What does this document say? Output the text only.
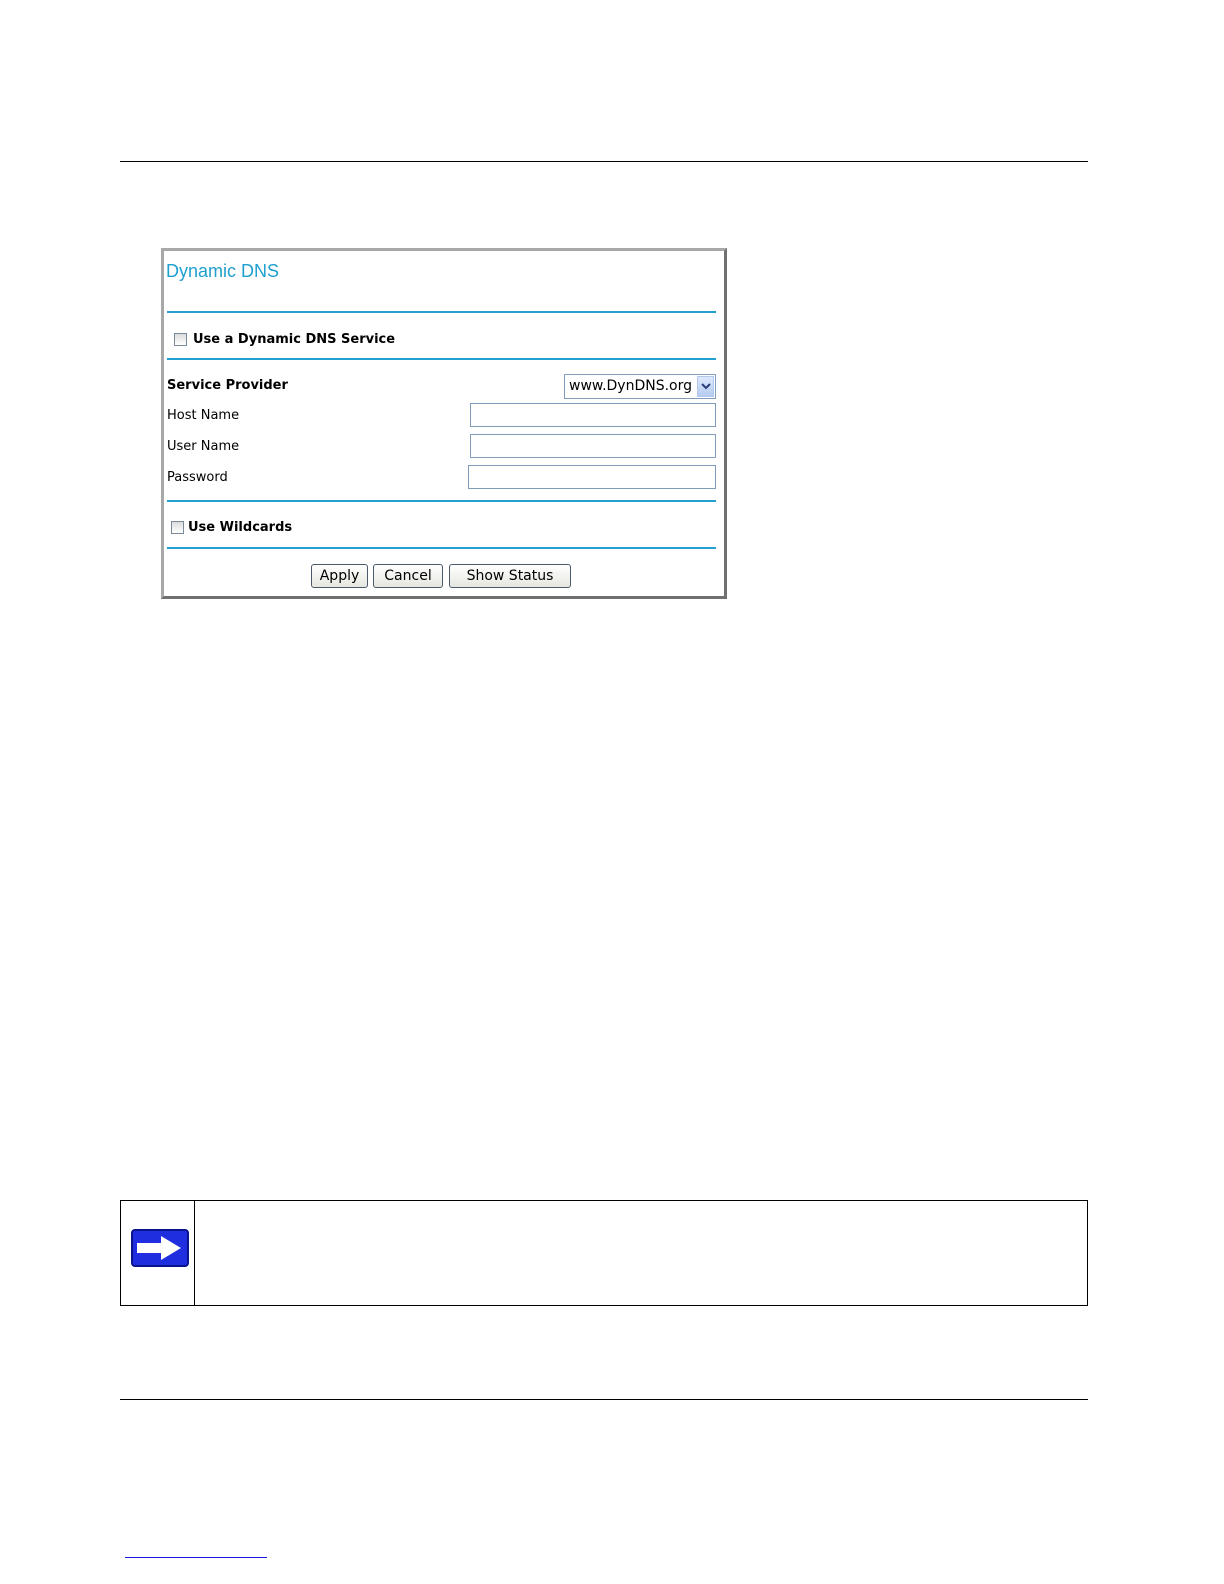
Dynamic DNS
Use a Dynamic DNS Service
Service Provider	www.DynDNS.org
Host Name
User Name
Password
Use Wildcards
Apply	Cancel	Show Status
